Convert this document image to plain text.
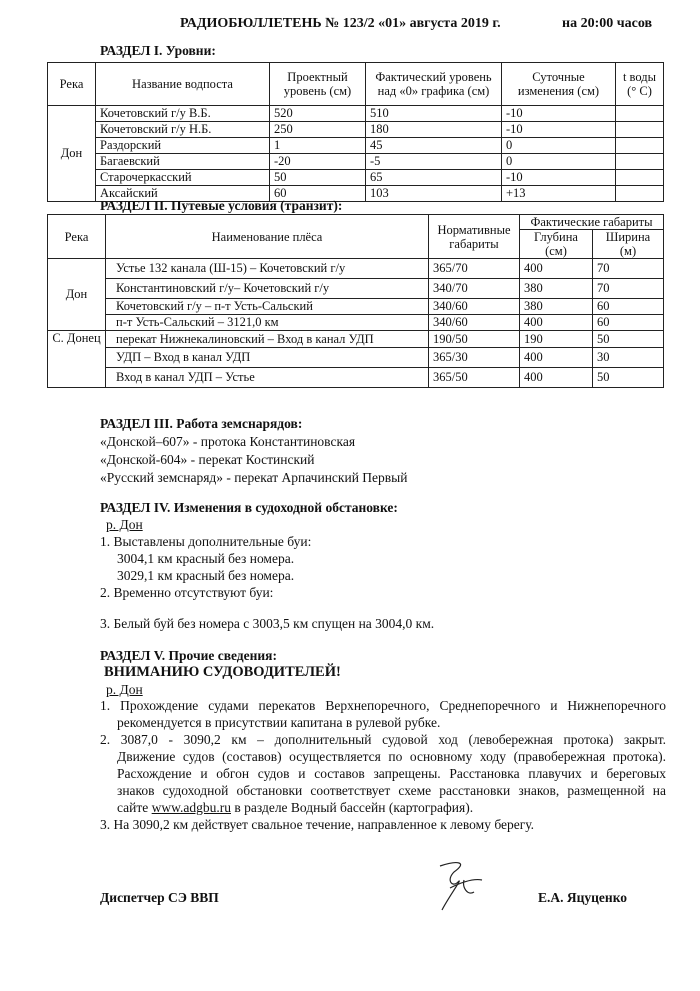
РАДИОБЮЛЛЕТЕНЬ № 123/2 «01» августа 2019 г.	на 20:00 часов
РАЗДЕЛ I. Уровни:
Река	Название водпоста	Проектный уровень (см)	Фактический уровень над «0» графика (см)	Суточные изменения (см)	t воды (° C)
Дон	Кочетовский г/у В.Б.	520	510	-10	
	Кочетовский г/у Н.Б.	250	180	-10	
	Раздорский	1	45	0	
	Багаевский	-20	-5	0	
	Старочеркасский	50	65	-10	
	Аксайский	60	103	+13	
РАЗДЕЛ II. Путевые условия (транзит):
Река	Наименование плёса	Нормативные габариты	Фактические габариты	
			Глубина (см)	Ширина (м)
Дон	Устье 132 канала (Ш-15) – Кочетовский г/у	365/70	400	70
	Константиновский г/у– Кочетовский г/у	340/70	380	70
	Кочетовский г/у – п-т Усть-Сальский	340/60	380	60
	п-т Усть-Сальский – 3121,0 км	340/60	400	60
С. Донец	перекат Нижнекалиновский – Вход в канал УДП	190/50	190	50
	УДП – Вход в канал УДП	365/30	400	30
	Вход в канал УДП – Устье	365/50	400	50
РАЗДЕЛ III. Работа земснарядов:
«Донской–607» - протока Константиновская
«Донской-604» - перекат Костинский
«Русский земснаряд» - перекат Арпачинский Первый
РАЗДЕЛ IV. Изменения в судоходной обстановке:
р. Дон
1. Выставлены дополнительные буи:
3004,1 км красный без номера.
3029,1 км красный без номера.
2. Временно отсутствуют буи:
3. Белый буй без номера с 3003,5 км спущен на 3004,0 км.
РАЗДЕЛ V. Прочие сведения:
ВНИМАНИЮ СУДОВОДИТЕЛЕЙ!
р. Дон
1. Прохождение судами перекатов Верхнепоречного, Среднепоречного и Нижнепоречного
рекомендуется в присутствии капитана в рулевой рубке.
2. 3087,0 - 3090,2 км – дополнительный судовой ход (левобережная протока) закрыт.
Движение судов (составов) осуществляется по основному ходу (правобережная протока).
Расхождение и обгон судов и составов запрещены. Расстановка плавучих и береговых
знаков судоходной обстановки соответствует схеме расстановки знаков, размещенной на
сайте www.adgbu.ru в разделе Водный бассейн (картография).
3. На 3090,2 км действует свальное течение, направленное к левому берегу.
Диспетчер СЭ ВВП	Е.А. Яцуценко
